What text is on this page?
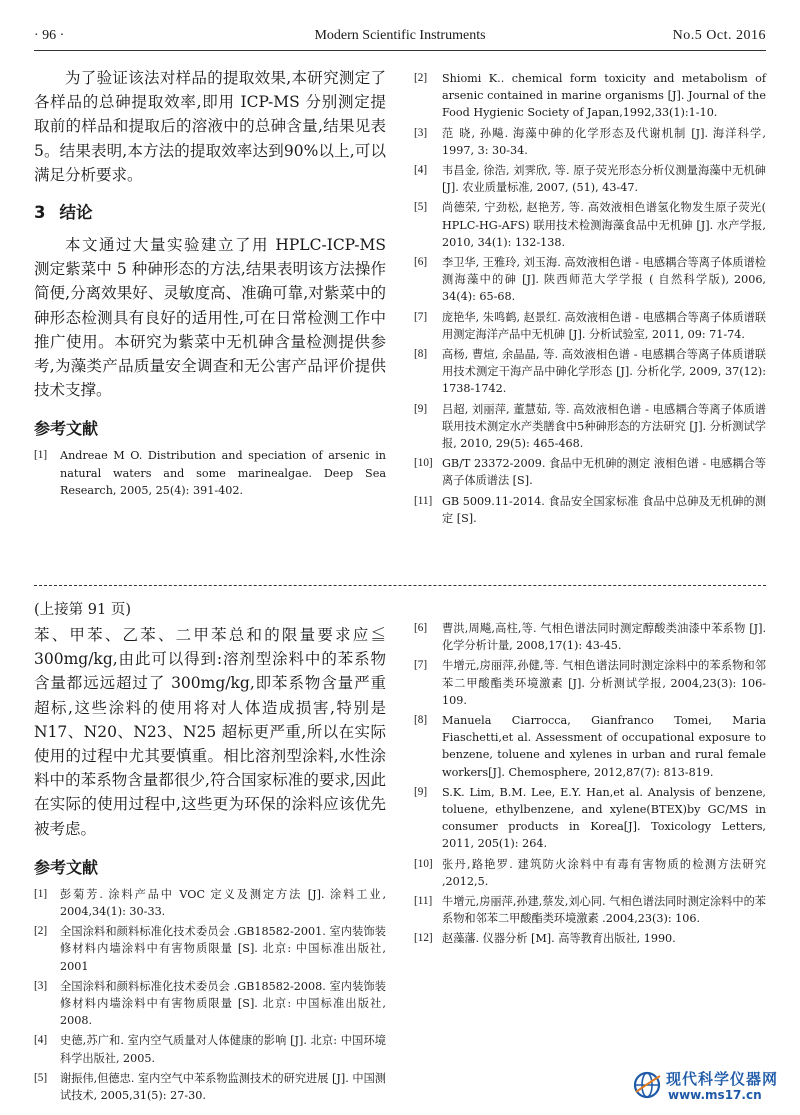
· 96 ·	Modern Scientific Instruments	No.5 Oct. 2016

为了验证该法对样品的提取效果,本研究测定了各样品的总砷提取效率,即用 ICP-MS 分别测定提取前的样品和提取后的溶液中的总砷含量,结果见表5。结果表明,本方法的提取效率达到90%以上,可以满足分析要求。

3 结论

本文通过大量实验建立了用 HPLC-ICP-MS 测定紫菜中 5 种砷形态的方法,结果表明该方法操作简便,分离效果好、灵敏度高、准确可靠,对紫菜中的砷形态检测具有良好的适用性,可在日常检测工作中推广使用。本研究为紫菜中无机砷含量检测提供参考,为藻类产品质量安全调查和无公害产品评价提供技术支撑。

参考文献
[1] Andreae M O. Distribution and speciation of arsenic in natural waters and some marinealgae. Deep Sea Research, 2005, 25(4): 391-402.
[2] Shiomi K.. chemical form toxicity and metabolism of arsenic contained in marine organisms [J]. Journal of the Food Hygienic Society of Japan,1992,33(1):1-10.
[3] 范 晓, 孙飚. 海藻中砷的化学形态及代谢机制 [J]. 海洋科学, 1997, 3: 30-34.
[4] 韦昌金, 徐浩, 刘霁欣, 等. 原子荧光形态分析仪测量海藻中无机砷 [J]. 农业质量标准, 2007, (51), 43-47.
[5] 尚德荣, 宁劲松, 赵艳芳, 等. 高效液相色谱氢化物发生原子荧光( HPLC-HG-AFS) 联用技术检测海藻食品中无机砷 [J]. 水产学报, 2010, 34(1): 132-138.
[6] 李卫华, 王雅玲, 刘玉海. 高效液相色谱 - 电感耦合等离子体质谱检测海藻中的砷 [J]. 陕西师范大学学报 ( 自然科学版), 2006, 34(4): 65-68.
[7] 庞艳华, 朱鸣鹤, 赵景红. 高效液相色谱 - 电感耦合等离子体质谱联用测定海洋产品中无机砷 [J]. 分析试验室, 2011, 09: 71-74.
[8] 高杨, 曹煊, 余晶晶, 等. 高效液相色谱 - 电感耦合等离子体质谱联用技术测定干海产品中砷化学形态 [J]. 分析化学, 2009, 37(12): 1738-1742.
[9] 吕超, 刘丽萍, 董慧茹, 等. 高效液相色谱 - 电感耦合等离子体质谱联用技术测定水产类膳食中5种砷形态的方法研究 [J]. 分析测试学报, 2010, 29(5): 465-468.
[10] GB/T 23372-2009. 食品中无机砷的测定 液相色谱 - 电感耦合等离子体质谱法 [S].
[11] GB 5009.11-2014. 食品安全国家标准 食品中总砷及无机砷的测定 [S].
(上接第 91 页)

苯、甲苯、乙苯、二甲苯总和的限量要求应≦ 300mg/kg,由此可以得到:溶剂型涂料中的苯系物含量都远远超过了 300mg/kg,即苯系物含量严重超标,这些涂料的使用将对人体造成损害,特别是 N17、N20、N23、N25 超标更严重,所以在实际使用的过程中尤其要慎重。相比溶剂型涂料,水性涂料中的苯系物含量都很少,符合国家标准的要求,因此在实际的使用过程中,这些更为环保的涂料应该优先被考虑。

参考文献
[1] 彭菊芳. 涂料产品中 VOC 定义及测定方法 [J]. 涂料工业, 2004,34(1): 30-33.
[2] 全国涂料和颜料标准化技术委员会 .GB18582-2001. 室内装饰装修材料内墙涂料中有害物质限量 [S]. 北京: 中国标准出版社, 2001
[3] 全国涂料和颜料标准化技术委员会 .GB18582-2008. 室内装饰装修材料内墙涂料中有害物质限量 [S]. 北京: 中国标准出版社, 2008.
[4] 史德,苏广和. 室内空气质量对人体健康的影响 [J]. 北京: 中国环境科学出版社, 2005.
[5] 谢振伟,但德忠. 室内空气中苯系物监测技术的研究进展 [J]. 中国测试技术, 2005,31(5): 27-30.
[6] 曹洪,周飚,高柱,等. 气相色谱法同时测定醇酸类油漆中苯系物 [J]. 化学分析计量, 2008,17(1): 43-45.
[7] 牛增元,房丽萍,孙健,等. 气相色谱法同时测定涂料中的苯系物和邻苯二甲酸酯类环境激素 [J]. 分析测试学报, 2004,23(3): 106-109.
[8] Manuela Ciarrocca, Gianfranco Tomei, Maria Fiaschetti,et al. Assessment of occupational exposure to benzene, toluene and xylenes in urban and rural female workers[J]. Chemosphere, 2012,87(7): 813-819.
[9] S.K. Lim, B.M. Lee, E.Y. Han,et al. Analysis of benzene, toluene, ethylbenzene, and xylene(BTEX)by GC/MS in consumer products in Korea[J]. Toxicology Letters, 2011, 205(1): 264.
[10] 张丹,路艳罗. 建筑防火涂料中有毒有害物质的检测方法研究 ,2012,5.
[11] 牛增元,房丽萍,孙建,蔡发,刘心同. 气相色谱法同时测定涂料中的苯系物和邻苯二甲酸酯类环境激素 .2004,23(3): 106.
[12] 赵藻藩. 仪器分析 [M]. 高等教育出版社, 1990.
现代科学仪器网
www.ms17.cn
